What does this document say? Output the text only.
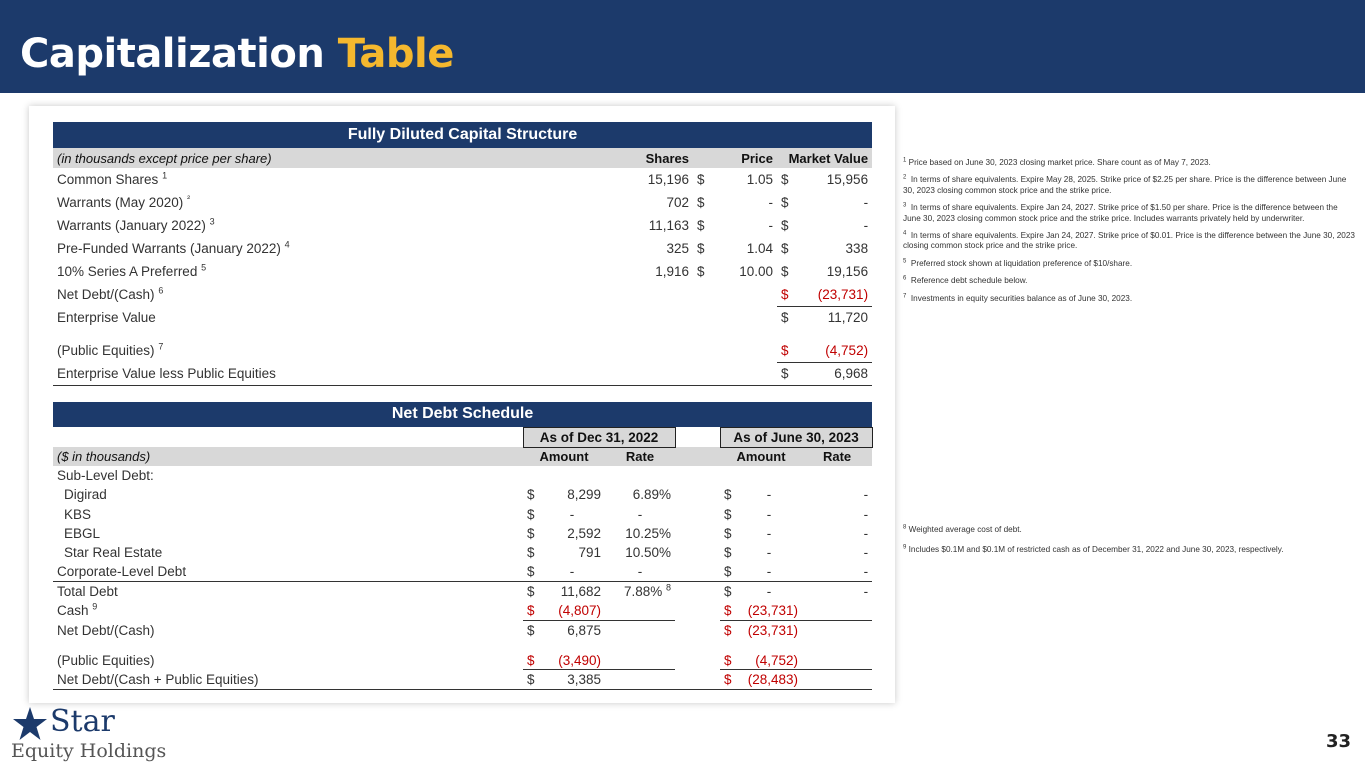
Capitalization Table
Fully Diluted Capital Structure					
(in thousands except price per share)	Shares		Price	Market Value	
Common Shares $^1$	15,196	$	1.05	$	15,956
Warrants (May 2020) $^{^2}$	702	$	-	$	-
Warrants (January 2022) $^3$	11,163	$	-	$	-
Pre-Funded Warrants (January 2022) $^4$	325	$	1.04	$	338
10% Series A Preferred $^5$	1,916	$	10.00	$	19,156
Net Debt/(Cash) $^6$				$	(23,731)
Enterprise Value				$	11,720

(Public Equities) $^7$				$	(4,752)
Enterprise Value less Public Equities				$	6,968
Net Debt Schedule							
	As of Dec 31, 2022				As of June 30, 2023		
($ in thousands)	Amount		Rate		Amount		Rate
Sub-Level Debt:							
Digirad	$	8,299	6.89%		$	-	-
KBS	$	-	-		$	-	-
EBGL	$	2,592	10.25%		$	-	-
Star Real Estate	$	791	10.50%		$	-	-
Corporate-Level Debt	$	-	-		$	-	-
Total Debt	$	11,682	7.88% $^8$		$	-	-
Cash $^9$	$	(4,807)			$	(23,731)	
Net Debt/(Cash)	$	6,875			$	(23,731)	

(Public Equities)	$	(3,490)			$	(4,752)	
Net Debt/(Cash + Public Equities)	$	3,385			$	(28,483)	

$^1$ Price based on June 30, 2023 closing market price. Share count as of May 7, 2023.

$^2$ In terms of share equivalents. Expire May 28, 2025. Strike price of $2.25 per share. Price is the difference between June 30, 2023 closing common stock price and the strike price.

$^3$ In terms of share equivalents. Expire Jan 24, 2027. Strike price of $1.50 per share. Price is the difference between the June 30, 2023 closing common stock price and the strike price. Includes warrants privately held by underwriter.

$^4$ In terms of share equivalents. Expire Jan 24, 2027. Strike price of $0.01. Price is the difference between the June 30, 2023 closing common stock price and the strike price.

$^5$ Preferred stock shown at liquidation preference of $10/share.

$^6$ Reference debt schedule below.

$^7$ Investments in equity securities balance as of June 30, 2023.

$^8$ Weighted average cost of debt.

$^9$ Includes $0.1M and $0.1M of restricted cash as of December 31, 2022 and June 30, 2023, respectively.

Star
Equity Holdings	33
